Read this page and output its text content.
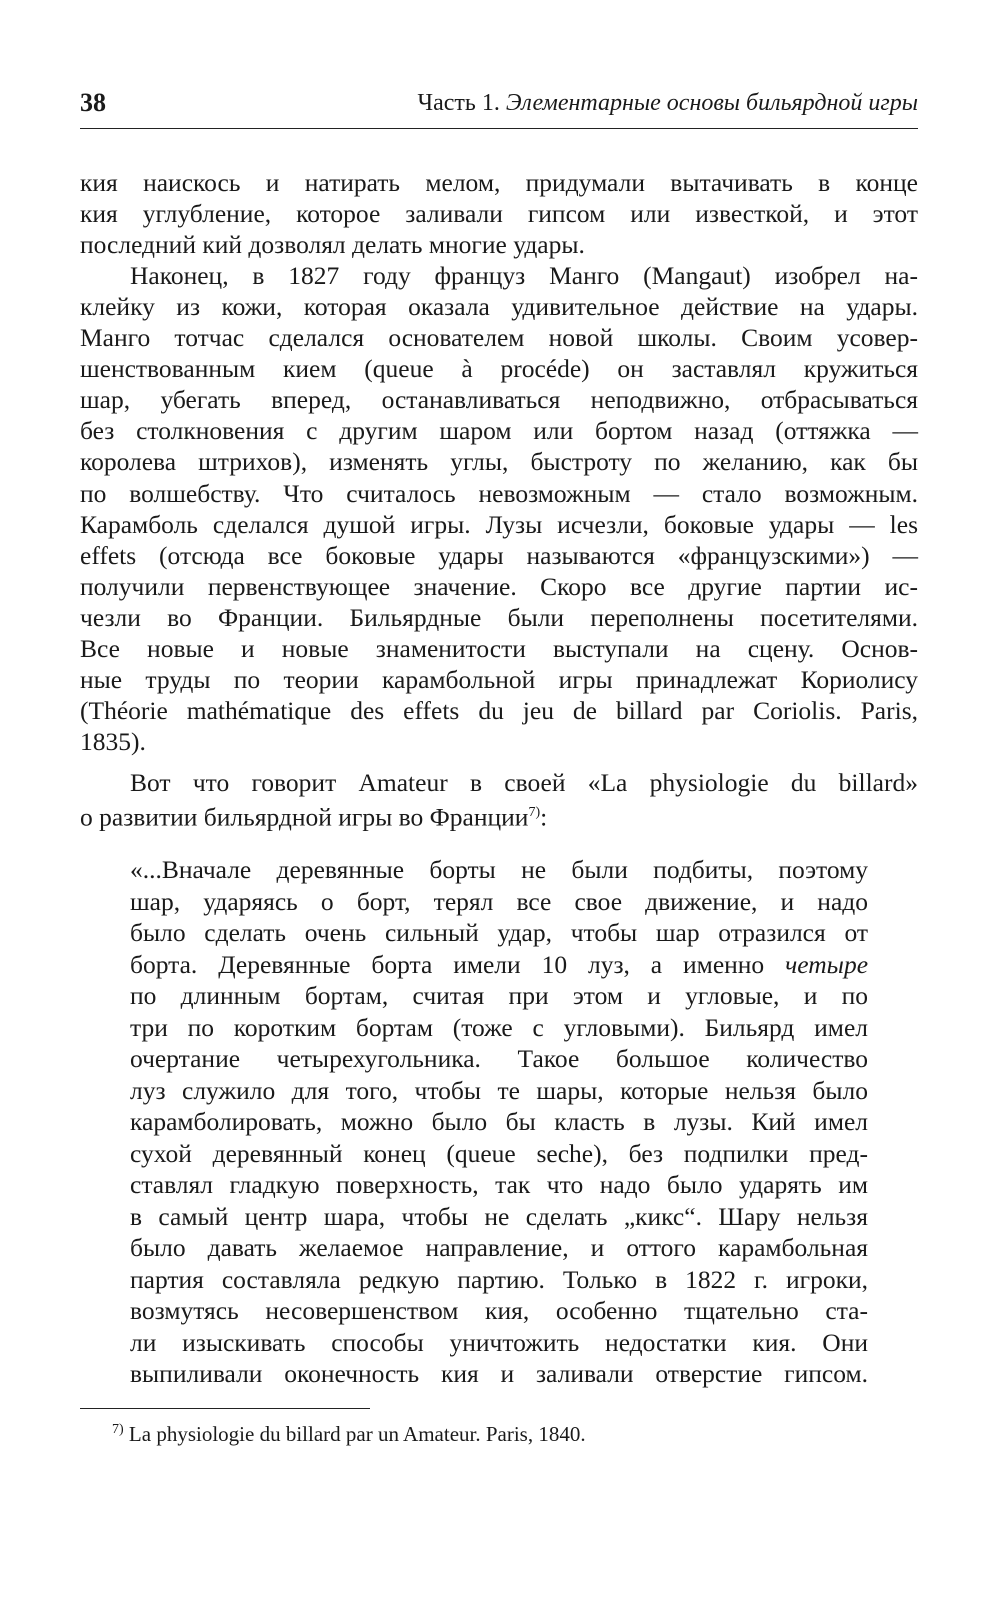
38	Часть 1. Элементарные основы бильярдной игры
кия наискось и натирать мелом, придумали вытачивать в конце
кия углубление, которое заливали гипсом или известкой, и этот
последний кий дозволял делать многие удары.
Наконец, в 1827 году француз Манго (Mangaut) изобрел на-
клейку из кожи, которая оказала удивительное действие на удары.
Манго тотчас сделался основателем новой школы. Своим усовер-
шенствованным кием (queue à procéde) он заставлял кружиться
шар, убегать вперед, останавливаться неподвижно, отбрасываться
без столкновения с другим шаром или бортом назад (оттяжка —
королева штрихов), изменять углы, быстроту по желанию, как бы
по волшебству. Что считалось невозможным — стало возможным.
Карамболь сделался душой игры. Лузы исчезли, боковые удары — les
effets (отсюда все боковые удары называются «французскими») —
получили первенствующее значение. Скоро все другие партии ис-
чезли во Франции. Бильярдные были переполнены посетителями.
Все новые и новые знаменитости выступали на сцену. Основ-
ные труды по теории карамбольной игры принадлежат Кориолису
(Théorie mathématique des effets du jeu de billard par Coriolis. Paris,
1835).
Вот что говорит Amateur в своей «La physiologie du billard»
о развитии бильярдной игры во Франции$^{7)}$:
«...Вначале деревянные борты не были подбиты, поэтому
шар, ударяясь о борт, терял все свое движение, и надо
было сделать очень сильный удар, чтобы шар отразился от
борта. Деревянные борта имели 10 луз, а именно четыре
по длинным бортам, считая при этом и угловые, и по
три по коротким бортам (тоже с угловыми). Бильярд имел
очертание четырехугольника. Такое большое количество
луз служило для того, чтобы те шары, которые нельзя было
карамболировать, можно было бы класть в лузы. Кий имел
сухой деревянный конец (queue seche), без подпилки пред-
ставлял гладкую поверхность, так что надо было ударять им
в самый центр шара, чтобы не сделать „кикс“. Шару нельзя
было давать желаемое направление, и оттого карамбольная
партия составляла редкую партию. Только в 1822 г. игроки,
возмутясь несовершенством кия, особенно тщательно ста-
ли изыскивать способы уничтожить недостатки кия. Они
выпиливали оконечность кия и заливали отверстие гипсом.
$^{7)}$ La physiologie du billard par un Amateur. Paris, 1840.
